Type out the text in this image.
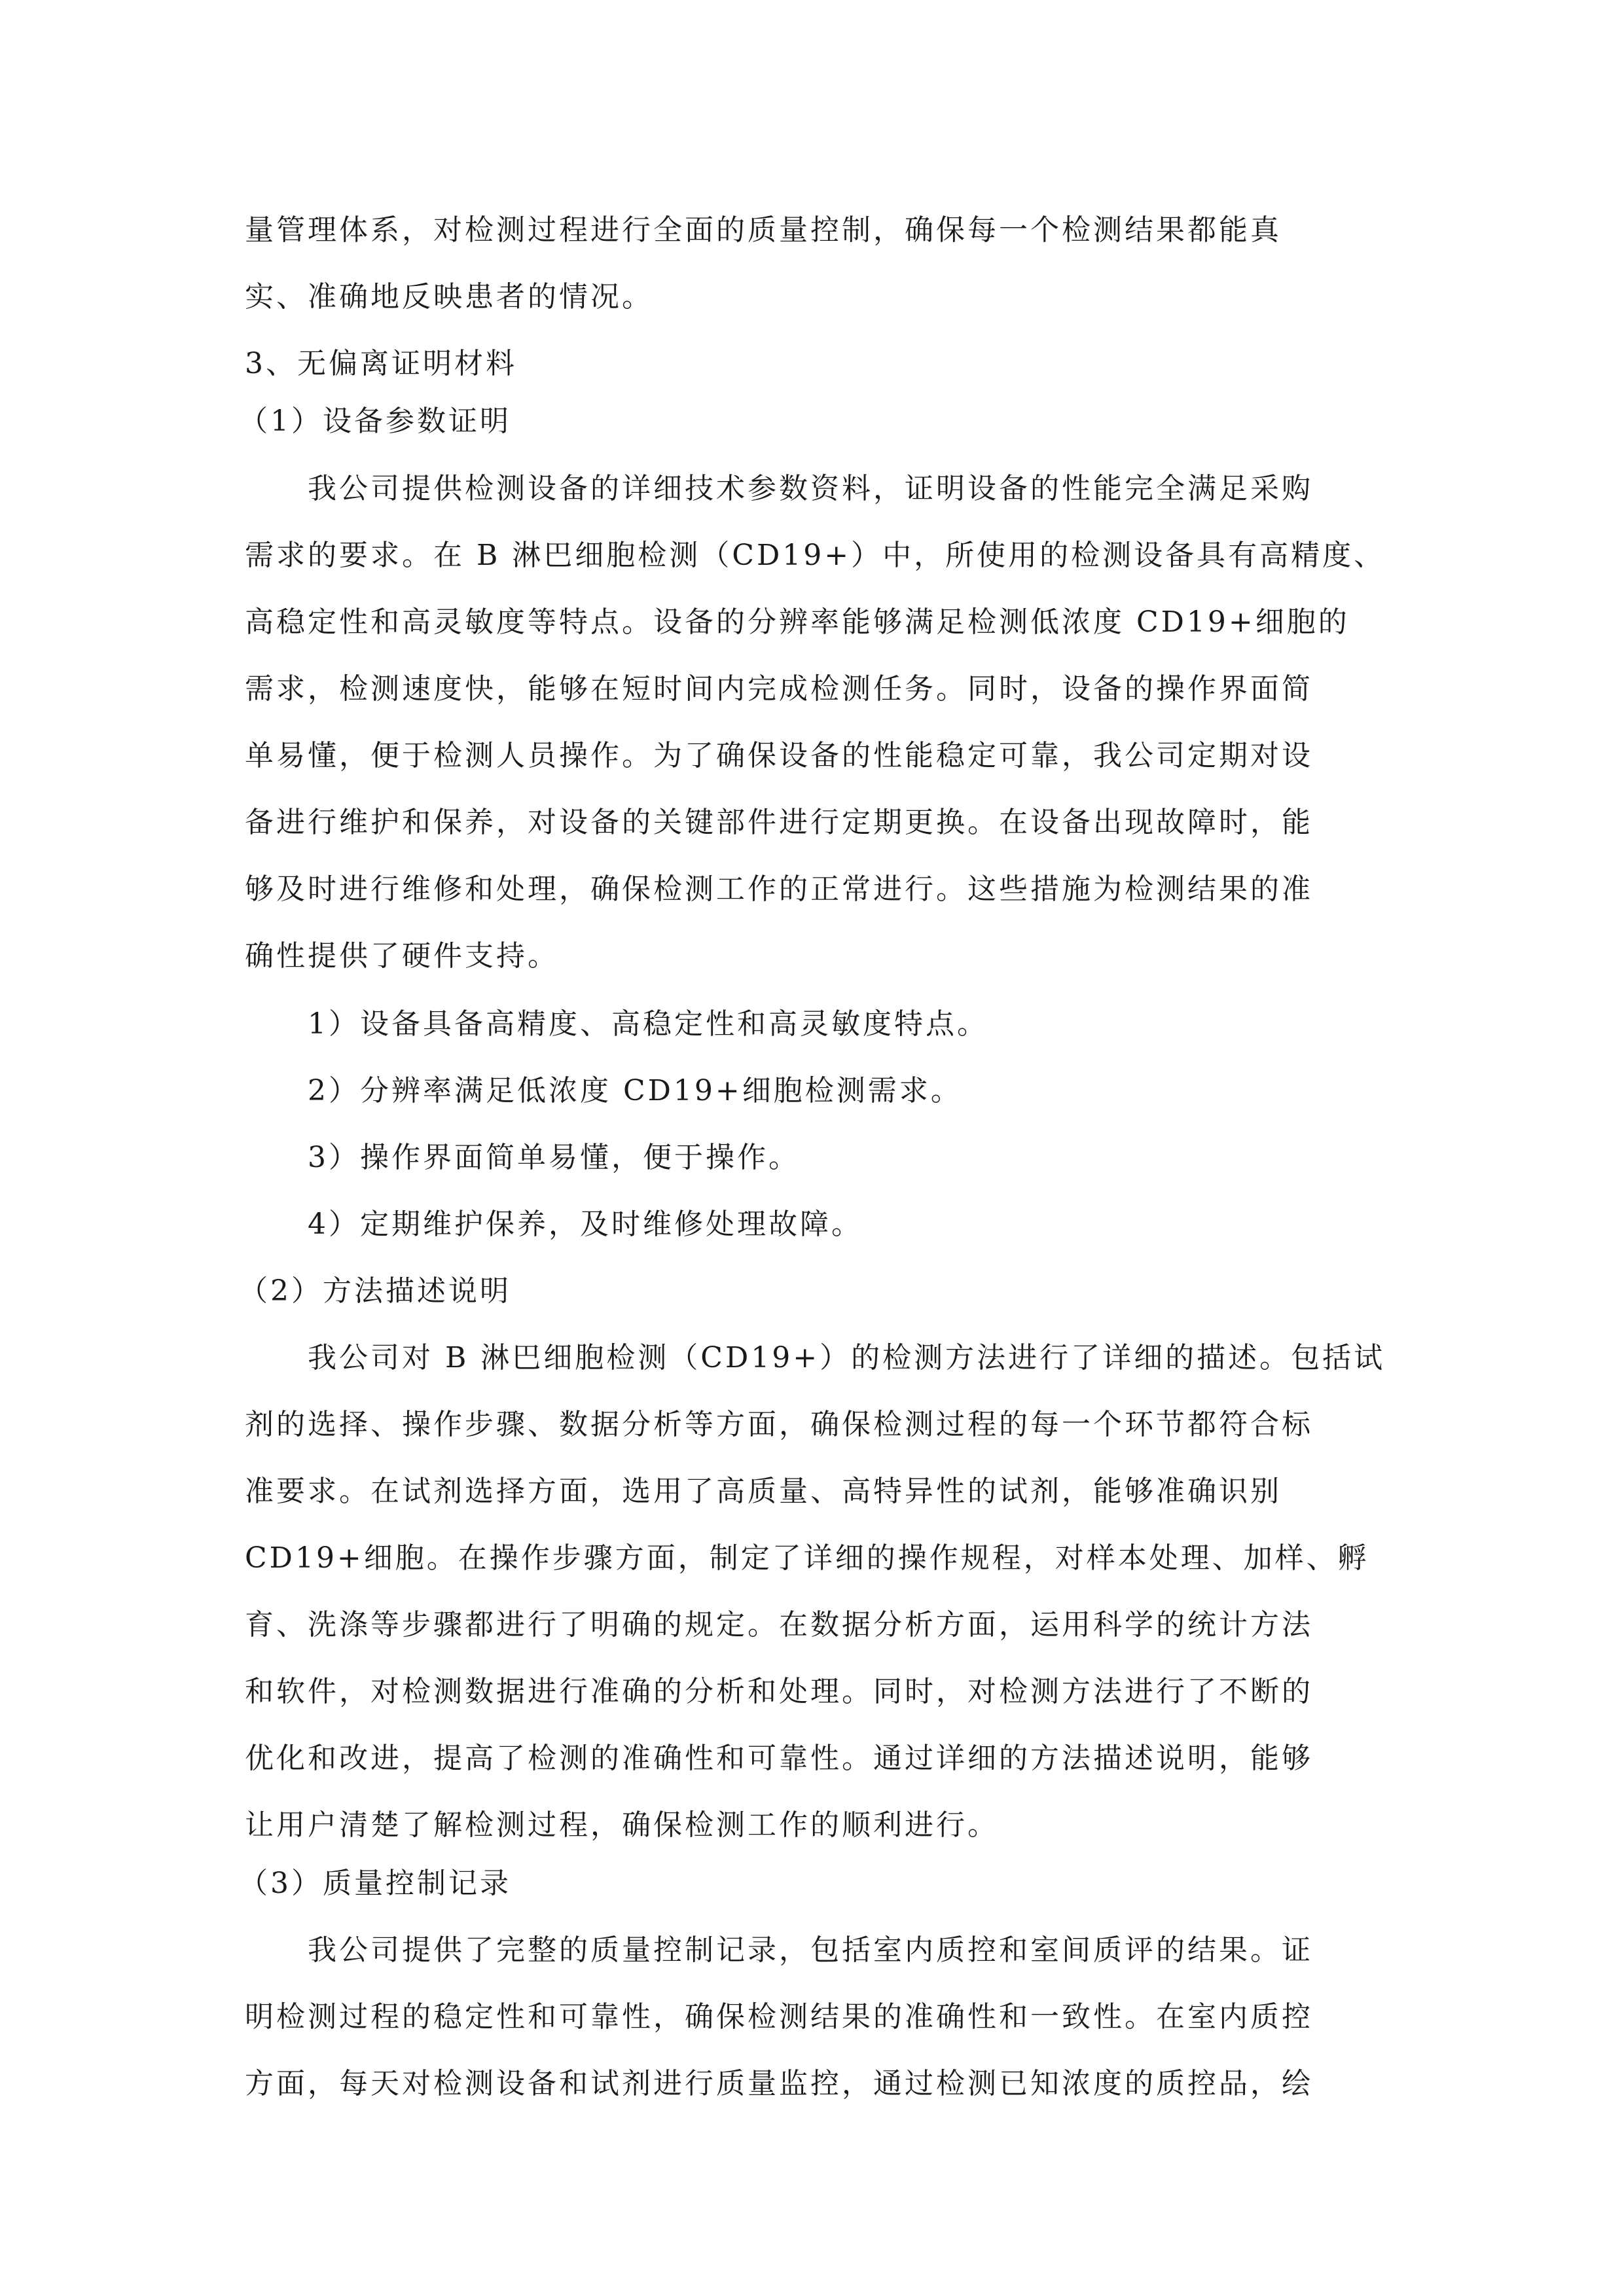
量管理体系，对检测过程进行全面的质量控制，确保每一个检测结果都能真

实、准确地反映患者的情况。

3、无偏离证明材料

（1）设备参数证明

我公司提供检测设备的详细技术参数资料，证明设备的性能完全满足采购

需求的要求。在 B 淋巴细胞检测（CD19+）中，所使用的检测设备具有高精度、

高稳定性和高灵敏度等特点。设备的分辨率能够满足检测低浓度 CD19+细胞的

需求，检测速度快，能够在短时间内完成检测任务。同时，设备的操作界面简

单易懂，便于检测人员操作。为了确保设备的性能稳定可靠，我公司定期对设

备进行维护和保养，对设备的关键部件进行定期更换。在设备出现故障时，能

够及时进行维修和处理，确保检测工作的正常进行。这些措施为检测结果的准

确性提供了硬件支持。

1）设备具备高精度、高稳定性和高灵敏度特点。

2）分辨率满足低浓度 CD19+细胞检测需求。

3）操作界面简单易懂，便于操作。

4）定期维护保养，及时维修处理故障。

（2）方法描述说明

我公司对 B 淋巴细胞检测（CD19+）的检测方法进行了详细的描述。包括试

剂的选择、操作步骤、数据分析等方面，确保检测过程的每一个环节都符合标

准要求。在试剂选择方面，选用了高质量、高特异性的试剂，能够准确识别

CD19+细胞。在操作步骤方面，制定了详细的操作规程，对样本处理、加样、孵

育、洗涤等步骤都进行了明确的规定。在数据分析方面，运用科学的统计方法

和软件，对检测数据进行准确的分析和处理。同时，对检测方法进行了不断的

优化和改进，提高了检测的准确性和可靠性。通过详细的方法描述说明，能够

让用户清楚了解检测过程，确保检测工作的顺利进行。

（3）质量控制记录

我公司提供了完整的质量控制记录，包括室内质控和室间质评的结果。证

明检测过程的稳定性和可靠性，确保检测结果的准确性和一致性。在室内质控

方面，每天对检测设备和试剂进行质量监控，通过检测已知浓度的质控品，绘
